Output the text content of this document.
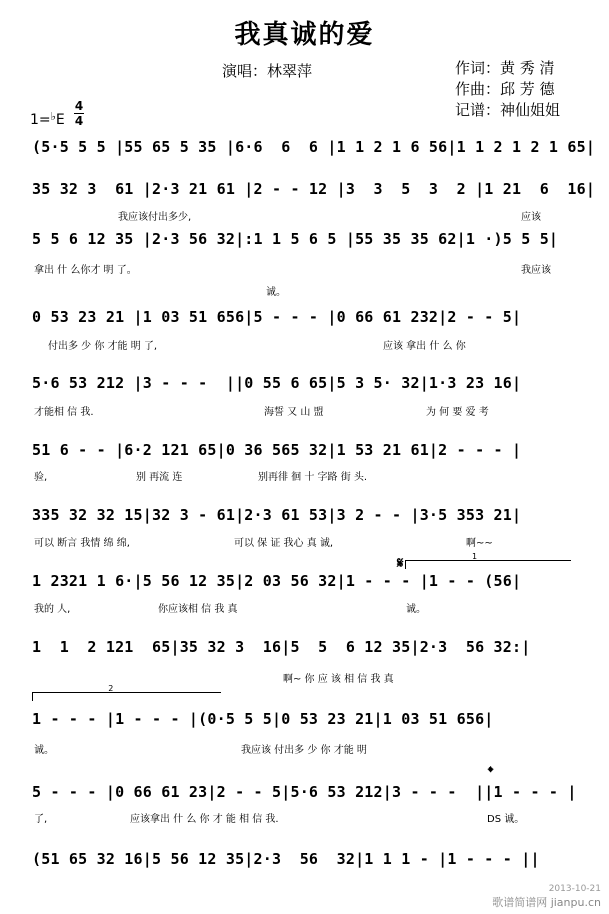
我真诚的爱
演唱：林翠萍	作词：黄 秀 清
作曲：邱 芳 德
记谱：神仙姐姐
1=♭E
4
4
(5·5 5 5 |55 65 5 35 |6·6  6  6 |1 1 2 1 6 56|1 1 2 1 2 1 65|
35 32 3  61 |2·3 21 61 |2 - - 12 |3  3  5  3  2 |1 21  6  16|
我应该付出多少,	应该
5 5 6 12 35 |2·3 56 32|:1 1 5 6 5 |55 35 35 62|1 ·)5 5 5|
拿出 什 么你才 明 了。	我应该
诚。
0 53 23 21 |1 03 51 656|5 - - - |0 66 61 232|2 - - 5|
付出多 少 你 才能 明 了,	应该 拿出 什 么 你
5·6 53 212 |3 - - -  ||0 55 6 65|5 3 5· 32|1·3 23 16|
才能相 信 我.	海誓 又 山 盟	为 何 要 爱 考
51 6 - - |6·2 121 65|0 36 565 32|1 53 21 61|2 - - - |
验,	别 再流 连	别再徘 徊 十 字路 街 头.
335 32 32 15|32 3 - 61|2·3 61 53|3 2 - - |3·5 353 21|
可以 断言 我情 绵 绵,	可以 保 证 我心 真 诚,	啊~~
𝄋	1
1 2321 1 6·|5 56 12 35|2 03 56 32|1 - - - |1 - - (56|
我的 人,	你应该相 信 我 真	诚。
1  1  2 121  65|35 32 3  16|5  5  6 12 35|2·3  56 32:|
啊~ 你 应 该 相 信 我 真
2
1 - - - |1 - - - |(0·5 5 5|0 53 23 21|1 03 51 656|
诚。	我应该 付出多 少 你 才能 明
𝄌
5 - - - |0 66 61 23|2 - - 5|5·6 53 212|3 - - -  ||1 - - - |
了,	应该拿出 什 么 你 才 能 相 信 我.	DS 诚。
(51 65 32 16|5 56 12 35|2·3  56  32|1 1 1 - |1 - - - ||
2013-10-21
歌谱简谱网 jianpu.cn
